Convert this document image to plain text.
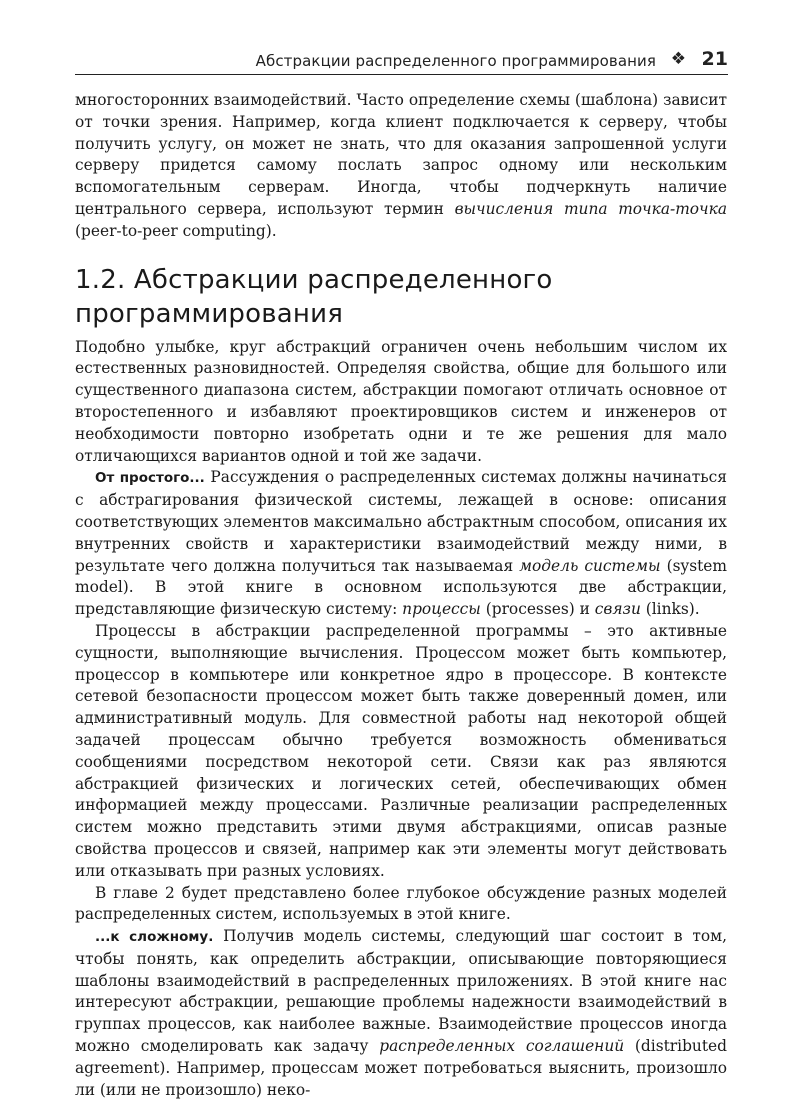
Абстракции распределенного программирования ❖ 21

многосторонних взаимодействий. Часто определение схемы (шаблона) зависит от точки зрения. Например, когда клиент подключается к серверу, чтобы получить услугу, он может не знать, что для оказания запрошенной услуги серверу придется самому послать запрос одному или нескольким вспомогательным серверам. Иногда, чтобы подчеркнуть наличие центрального сервера, используют термин вычисления типа точка-точка (peer-to-peer computing).

1.2. Абстракции распределенного программирования

Подобно улыбке, круг абстракций ограничен очень небольшим числом их естественных разновидностей. Определяя свойства, общие для большого или существенного диапазона систем, абстракции помогают отличать основное от второстепенного и избавляют проектировщиков систем и инженеров от необходимости повторно изобретать одни и те же решения для мало отличающихся вариантов одной и той же задачи.

От простого... Рассуждения о распределенных системах должны начинаться с абстрагирования физической системы, лежащей в основе: описания соответствующих элементов максимально абстрактным способом, описания их внутренних свойств и характеристики взаимодействий между ними, в результате чего должна получиться так называемая модель системы (system model). В этой книге в основном используются две абстракции, представляющие физическую систему: процессы (processes) и связи (links).

Процессы в абстракции распределенной программы – это активные сущности, выполняющие вычисления. Процессом может быть компьютер, процессор в компьютере или конкретное ядро в процессоре. В контексте сетевой безопасности процессом может быть также доверенный домен, или административный модуль. Для совместной работы над некоторой общей задачей процессам обычно требуется возможность обмениваться сообщениями посредством некоторой сети. Связи как раз являются абстракцией физических и логических сетей, обеспечивающих обмен информацией между процессами. Различные реализации распределенных систем можно представить этими двумя абстракциями, описав разные свойства процессов и связей, например как эти элементы могут действовать или отказывать при разных условиях.

В главе 2 будет представлено более глубокое обсуждение разных моделей распределенных систем, используемых в этой книге.

...к сложному. Получив модель системы, следующий шаг состоит в том, чтобы понять, как определить абстракции, описывающие повторяющиеся шаблоны взаимодействий в распределенных приложениях. В этой книге нас интересуют абстракции, решающие проблемы надежности взаимодействий в группах процессов, как наиболее важные. Взаимодействие процессов иногда можно смоделировать как задачу распределенных соглашений (distributed agreement). Например, процессам может потребоваться выяснить, произошло ли (или не произошло) неко-
